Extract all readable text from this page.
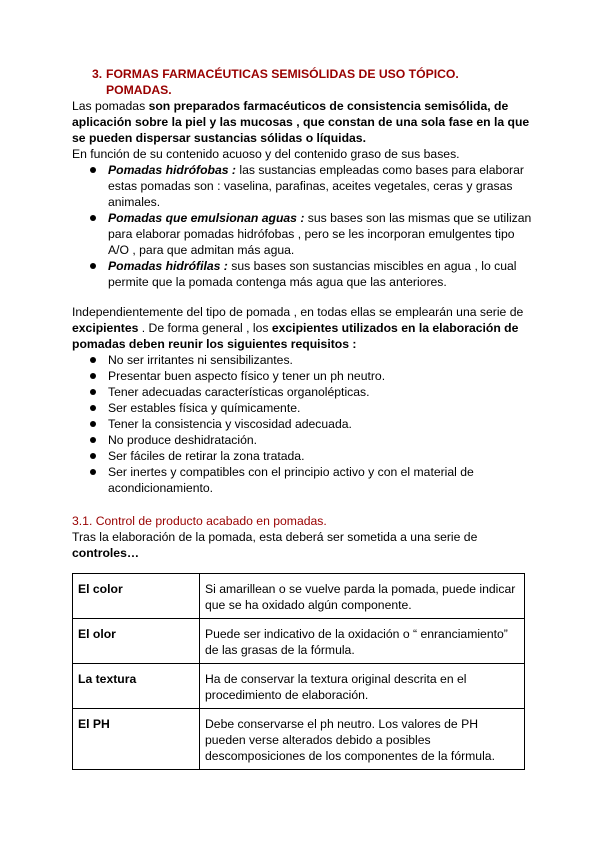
3. FORMAS FARMACÉUTICAS SEMISÓLIDAS DE USO TÓPICO. POMADAS.

Las pomadas son preparados farmacéuticos de consistencia semisólida, de aplicación sobre la piel y las mucosas , que constan de una sola fase en la que se pueden dispersar sustancias sólidas o líquidas.

En función de su contenido acuoso y del contenido graso de sus bases.

Pomadas hidrófobas : las sustancias empleadas como bases para elaborar estas pomadas son : vaselina, parafinas, aceites vegetales, ceras y grasas animales.
Pomadas que emulsionan aguas : sus bases son las mismas que se utilizan para elaborar pomadas hidrófobas , pero se les incorporan emulgentes tipo A/O , para que admitan más agua.
Pomadas hidrófilas : sus bases son sustancias miscibles en agua , lo cual permite que la pomada contenga más agua que las anteriores.

Independientemente del tipo de pomada , en todas ellas se emplearán una serie de excipientes . De forma general , los excipientes utilizados en la elaboración de pomadas deben reunir los siguientes requisitos :

No ser irritantes ni sensibilizantes.
Presentar buen aspecto físico y tener un ph neutro.
Tener adecuadas características organolépticas.
Ser estables física y químicamente.
Tener la consistencia y viscosidad adecuada.
No produce deshidratación.
Ser fáciles de retirar la zona tratada.
Ser inertes y compatibles con el principio activo y con el material de acondicionamiento.

3.1. Control de producto acabado en pomadas.

Tras la elaboración de la pomada, esta deberá ser sometida a una serie de controles…

El color	Si amarillean o se vuelve parda la pomada, puede indicar que se ha oxidado algún componente.
El olor	Puede ser indicativo de la oxidación o “ enranciamiento” de las grasas de la fórmula.
La textura	Ha de conservar la textura original descrita en el procedimiento de elaboración.
El PH	Debe conservarse el ph neutro. Los valores de PH pueden verse alterados debido a posibles descomposiciones de los componentes de la fórmula.
